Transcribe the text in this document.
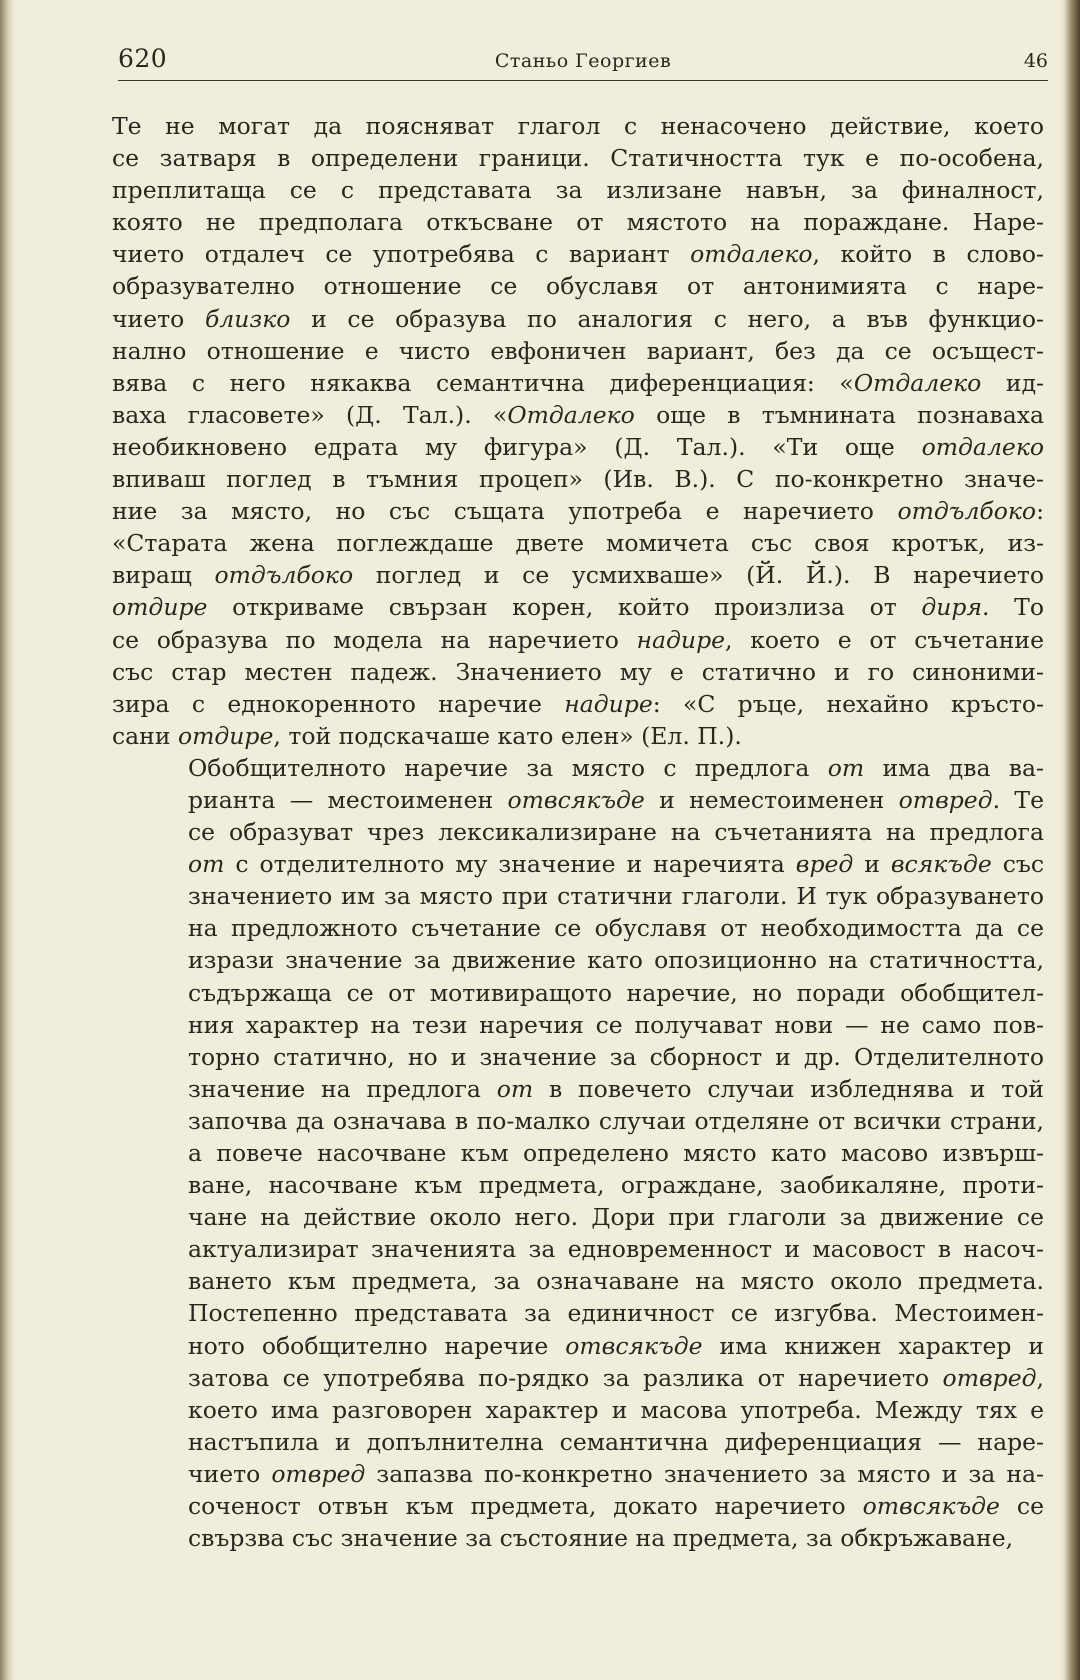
620	Станьо Георгиев	46

Те не могат да поясняват глагол с ненасочено действие, което
се затваря в определени граници. Статичността тук е по-особена,
преплитаща се с представата за излизане навън, за финалност,
която не предполага откъсване от мястото на пораждане. Наре-
чието отдалеч се употребява с вариант отдалеко, който в слово-
образувателно отношение се обуславя от антонимията с наре-
чието близко и се образува по аналогия с него, а във функцио-
нално отношение е чисто евфоничен вариант, без да се осъщест-
вява с него някаква семантична диференциация: «Отдалеко ид-
ваха гласовете» (Д. Тал.). «Отдалеко още в тъмнината познаваха
необикновено едрата му фигура» (Д. Тал.). «Ти още отдалеко
впиваш поглед в тъмния процеп» (Ив. В.). С по-конкретно значе-
ние за място, но със същата употреба е наречието отдълбоко:
«Старата жена поглеждаше двете момичета със своя кротък, из-
виращ отдълбоко поглед и се усмихваше» (Й. Й.). В наречието
отдире откриваме свързан корен, който произлиза от диря. То
се образува по модела на наречието надире, което е от съчетание
със стар местен падеж. Значението му е статично и го синоними-
зира с еднокоренното наречие надире: «С ръце, нехайно кръсто-
сани отдире, той подскачаше като елен» (Ел. П.).

Обобщителното наречие за място с предлога от има два ва-
рианта — местоименен отвсякъде и неместоименен отвред. Те
се образуват чрез лексикализиране на съчетанията на предлога
от с отделителното му значение и наречията вред и всякъде със
значението им за място при статични глаголи. И тук образуването
на предложното съчетание се обуславя от необходимостта да се
изрази значение за движение като опозиционно на статичността,
съдържаща се от мотивиращото наречие, но поради обобщител-
ния характер на тези наречия се получават нови — не само пов-
торно статично, но и значение за сборност и др. Отделителното
значение на предлога от в повечето случаи избледнява и той
започва да означава в по-малко случаи отделяне от всички страни,
а повече насочване към определено място като масово извърш-
ване, насочване към предмета, ограждане, заобикаляне, проти-
чане на действие около него. Дори при глаголи за движение се
актуализират значенията за едновременност и масовост в насоч-
ването към предмета, за означаване на място около предмета.
Постепенно представата за единичност се изгубва. Местоимен-
ното обобщително наречие отвсякъде има книжен характер и
затова се употребява по-рядко за разлика от наречието отвред,
което има разговорен характер и масова употреба. Между тях е
настъпила и допълнителна семантична диференциация — наре-
чието отвред запазва по-конкретно значението за място и за на-
соченост отвън към предмета, докато наречието отвсякъде се
свързва със значение за състояние на предмета, за обкръжаване,
